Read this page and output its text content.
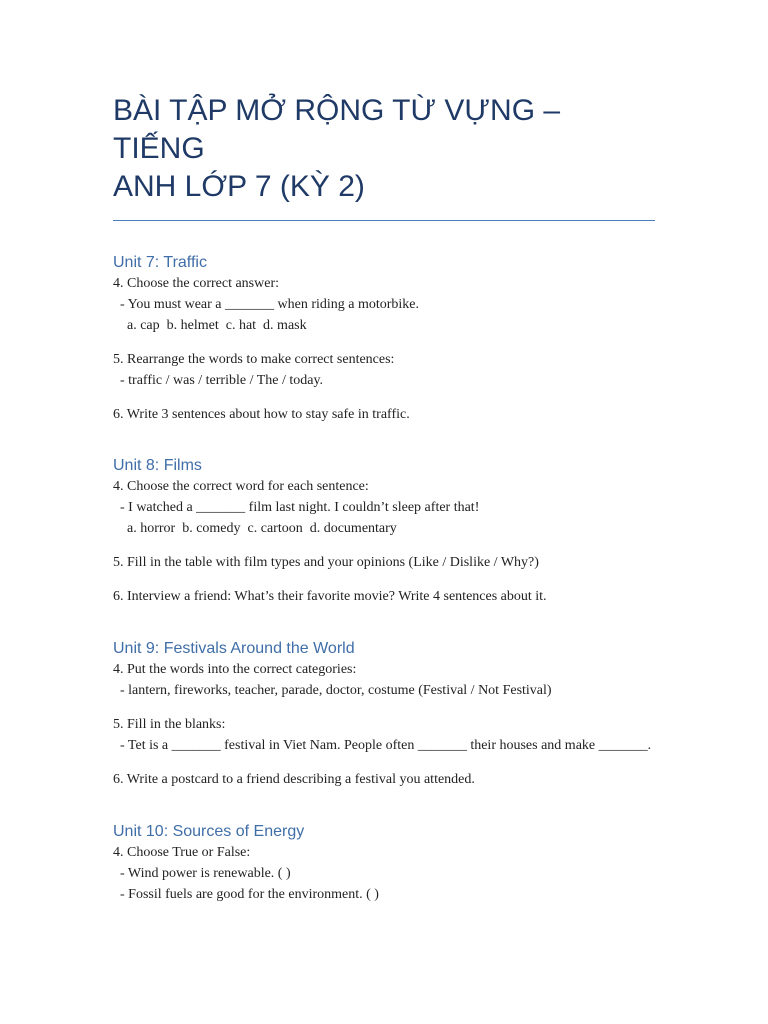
BÀI TẬP MỞ RỘNG TỪ VỰNG – TIẾNG
ANH LỚP 7 (KỲ 2)
Unit 7: Traffic
4. Choose the correct answer:
- You must wear a _______ when riding a motorbike.
a. cap  b. helmet  c. hat  d. mask
5. Rearrange the words to make correct sentences:
- traffic / was / terrible / The / today.
6. Write 3 sentences about how to stay safe in traffic.
Unit 8: Films
4. Choose the correct word for each sentence:
- I watched a _______ film last night. I couldn’t sleep after that!
a. horror  b. comedy  c. cartoon  d. documentary
5. Fill in the table with film types and your opinions (Like / Dislike / Why?)
6. Interview a friend: What’s their favorite movie? Write 4 sentences about it.
Unit 9: Festivals Around the World
4. Put the words into the correct categories:
- lantern, fireworks, teacher, parade, doctor, costume (Festival / Not Festival)
5. Fill in the blanks:
- Tet is a _______ festival in Viet Nam. People often _______ their houses and make _______.
6. Write a postcard to a friend describing a festival you attended.
Unit 10: Sources of Energy
4. Choose True or False:
- Wind power is renewable. ( )
- Fossil fuels are good for the environment. ( )
